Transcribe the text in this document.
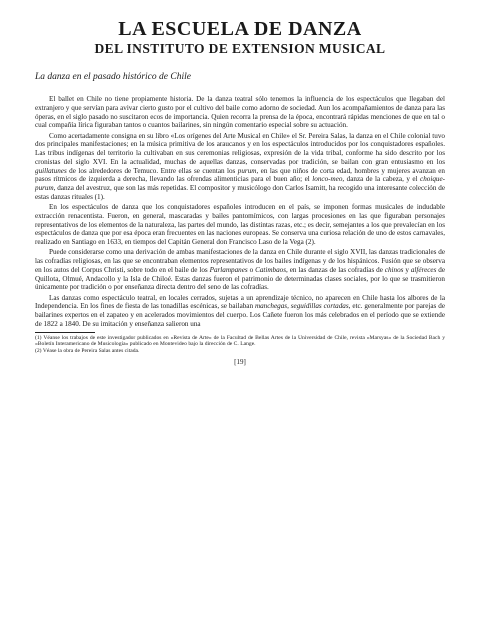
LA ESCUELA DE DANZA
DEL INSTITUTO DE EXTENSION MUSICAL
La danza en el pasado histórico de Chile

El ballet en Chile no tiene propiamente historia. De la danza teatral sólo tenemos la influencia de los espectáculos que llegaban del extranjero y que servían para avivar cierto gusto por el cultivo del baile como adorno de sociedad. Aun los acompañamientos de danza para las óperas, en el siglo pasado no suscitaron ecos de importancia. Quien recorra la prensa de la época, encontrará rápidas menciones de que en tal o cual compañía lírica figuraban tantos o cuantos bailarines, sin ningún comentario especial sobre su actuación.

Como acertadamente consigna en su libro «Los orígenes del Arte Musical en Chile» el Sr. Pereira Salas, la danza en el Chile colonial tuvo dos principales manifestaciones; en la música primitiva de los araucanos y en los espectáculos introducidos por los conquistadores españoles. Las tribus indígenas del territorio la cultivaban en sus ceremonias religiosas, expresión de la vida tribal, conforme ha sido descrito por los cronistas del siglo XVI. En la actualidad, muchas de aquellas danzas, conservadas por tradición, se bailan con gran entusiasmo en los guillatunes de los alrededores de Temuco. Entre ellas se cuentan los purum, en las que niños de corta edad, hombres y mujeres avanzan en pasos rítmicos de izquierda a derecha, llevando las ofrendas alimenticias para el buen año; el lonco-meo, danza de la cabeza, y el choique-purum, danza del avestruz, que son las más repetidas. El compositor y musicólogo don Carlos Isamitt, ha recogido una interesante colección de estas danzas rituales (1).

En los espectáculos de danza que los conquistadores españoles introducen en el país, se imponen formas musicales de indudable extracción renacentista. Fueron, en general, mascaradas y bailes pantomímicos, con largas procesiones en las que figuraban personajes representativos de los elementos de la naturaleza, las partes del mundo, las distintas razas, etc.; es decir, semejantes a los que prevalecían en los espectáculos de danza que por esa época eran frecuentes en las naciones europeas. Se conserva una curiosa relación de uno de estos carnavales, realizado en Santiago en 1633, en tiempos del Capitán General don Francisco Laso de la Vega (2).

Puede considerarse como una derivación de ambas manifestaciones de la danza en Chile durante el siglo XVII, las danzas tradicionales de las cofradías religiosas, en las que se encontraban elementos representativos de los bailes indígenas y de los hispánicos. Fusión que se observa en los autos del Corpus Christi, sobre todo en el baile de los Parlampanes o Catimbaos, en las danzas de las cofradías de chinos y alféreces de Quillota, Olmué, Andacollo y la Isla de Chiloé. Estas danzas fueron el patrimonio de determinadas clases sociales, por lo que se trasmitieron únicamente por tradición o por enseñanza directa dentro del seno de las cofradías.

Las danzas como espectáculo teatral, en locales cerrados, sujetas a un aprendizaje técnico, no aparecen en Chile hasta los albores de la Independencia. En los fines de fiesta de las tonadillas escénicas, se bailaban manchegas, seguidillas cortadas, etc. generalmente por parejas de bailarines expertos en el zapateo y en acelerados movimientos del cuerpo. Los Cañete fueron los más celebrados en el período que se extiende de 1822 a 1840. De su imitación y enseñanza salieron una

(1) Véanse los trabajos de este investigador publicados en «Revista de Arte» de la Facultad de Bellas Artes de la Universidad de Chile, revista «Marsyas» de la Sociedad Bach y «Boletín Interamericano de Musicología» publicado en Montevideo bajo la dirección de C. Lange.

(2) Véase la obra de Pereira Salas antes citada.

[19]
